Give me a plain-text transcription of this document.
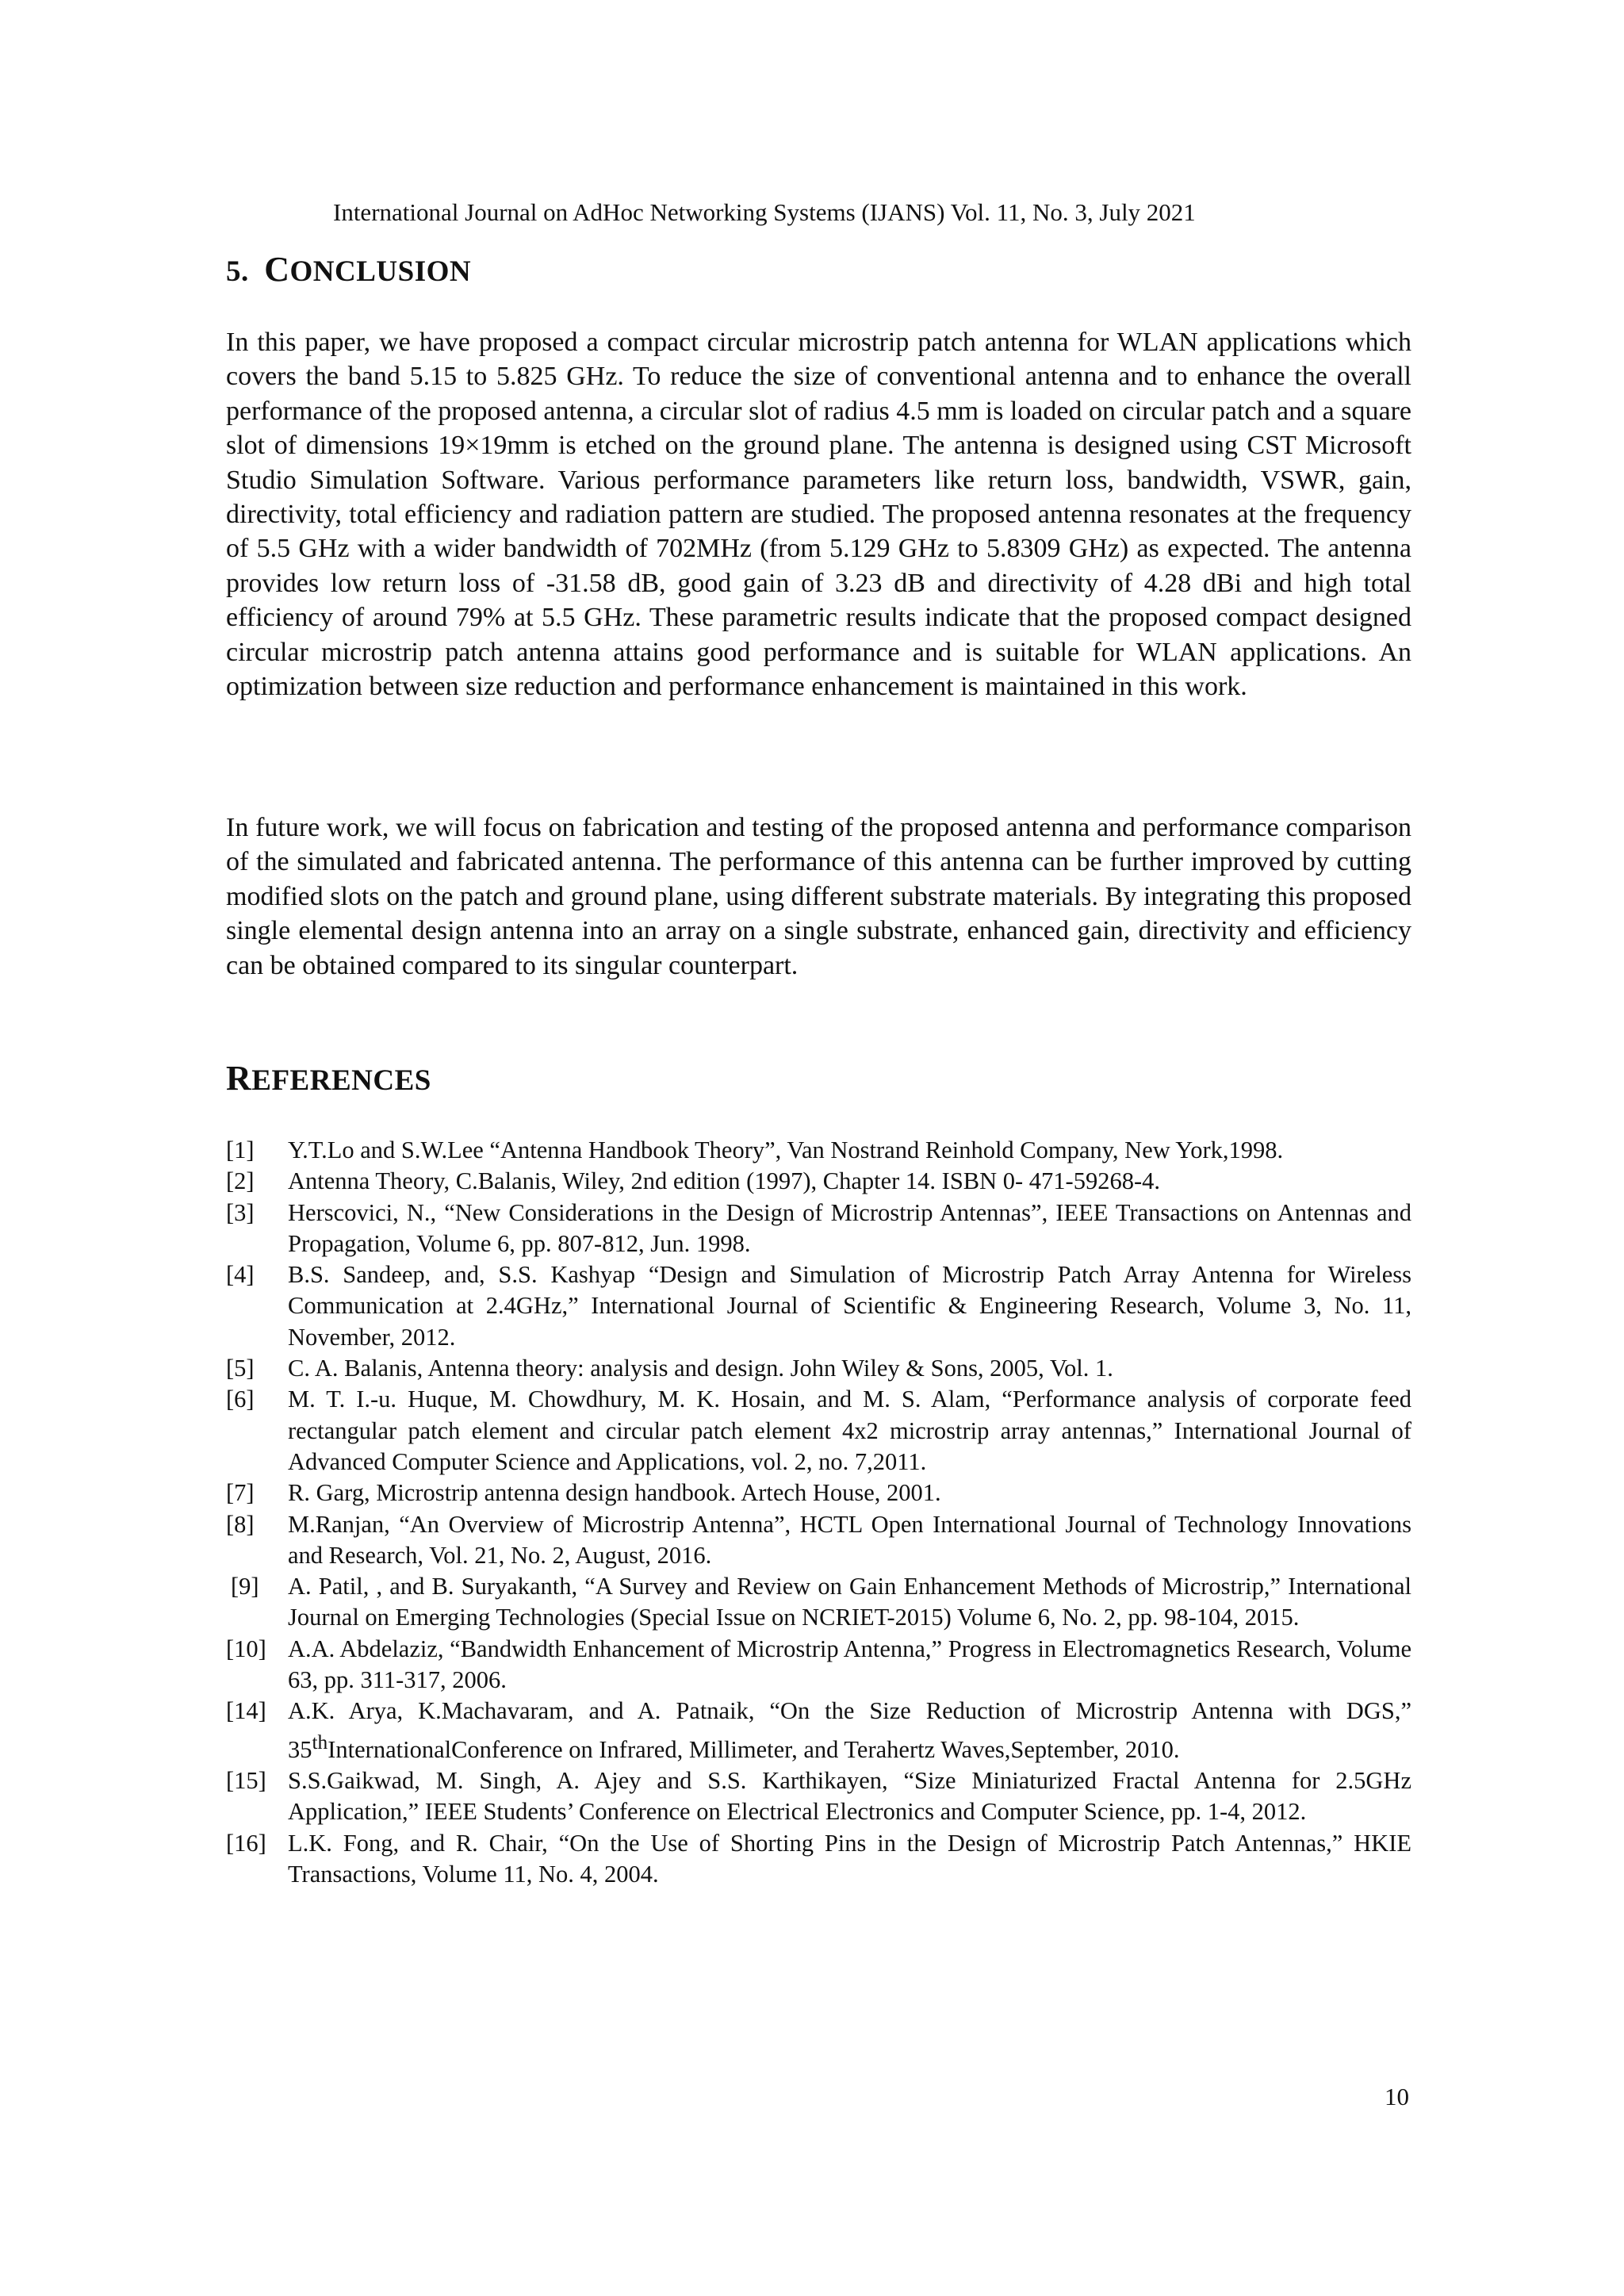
International Journal on AdHoc Networking Systems (IJANS) Vol. 11, No. 3, July 2021
5. CONCLUSION

In this paper, we have proposed a compact circular microstrip patch antenna for WLAN applications which covers the band 5.15 to 5.825 GHz. To reduce the size of conventional antenna and to enhance the overall performance of the proposed antenna, a circular slot of radius 4.5 mm is loaded on circular patch and a square slot of dimensions 19×19mm is etched on the ground plane. The antenna is designed using CST Microsoft Studio Simulation Software. Various performance parameters like return loss, bandwidth, VSWR, gain, directivity, total efficiency and radiation pattern are studied. The proposed antenna resonates at the frequency of 5.5 GHz with a wider bandwidth of 702MHz (from 5.129 GHz to 5.8309 GHz) as expected. The antenna provides low return loss of -31.58 dB, good gain of 3.23 dB and directivity of 4.28 dBi and high total efficiency of around 79% at 5.5 GHz. These parametric results indicate that the proposed compact designed circular microstrip patch antenna attains good performance and is suitable for WLAN applications. An optimization between size reduction and performance enhancement is maintained in this work.

In future work, we will focus on fabrication and testing of the proposed antenna and performance comparison of the simulated and fabricated antenna. The performance of this antenna can be further improved by cutting modified slots on the patch and ground plane, using different substrate materials. By integrating this proposed single elemental design antenna into an array on a single substrate, enhanced gain, directivity and efficiency can be obtained compared to its singular counterpart.

REFERENCES
[1] Y.T.Lo and S.W.Lee “Antenna Handbook Theory”, Van Nostrand Reinhold Company, New York,1998.
[2] Antenna Theory, C.Balanis, Wiley, 2nd edition (1997), Chapter 14. ISBN 0- 471-59268-4.
[3] Herscovici, N., “New Considerations in the Design of Microstrip Antennas”, IEEE Transactions on Antennas and Propagation, Volume 6, pp. 807-812, Jun. 1998.
[4] B.S. Sandeep, and, S.S. Kashyap “Design and Simulation of Microstrip Patch Array Antenna for Wireless Communication at 2.4GHz,” International Journal of Scientific & Engineering Research, Volume 3, No. 11, November, 2012.
[5] C. A. Balanis, Antenna theory: analysis and design. John Wiley & Sons, 2005, Vol. 1.
[6] M. T. I.-u. Huque, M. Chowdhury, M. K. Hosain, and M. S. Alam, “Performance analysis of corporate feed rectangular patch element and circular patch element 4x2 microstrip array antennas,” International Journal of Advanced Computer Science and Applications, vol. 2, no. 7,2011.
[7] R. Garg, Microstrip antenna design handbook. Artech House, 2001.
[8] M.Ranjan, “An Overview of Microstrip Antenna”, HCTL Open International Journal of Technology Innovations and Research, Vol. 21, No. 2, August, 2016.
[9] A. Patil, , and B. Suryakanth, “A Survey and Review on Gain Enhancement Methods of Microstrip,” International Journal on Emerging Technologies (Special Issue on NCRIET-2015) Volume 6, No. 2, pp. 98-104, 2015.
[10] A.A. Abdelaziz, “Bandwidth Enhancement of Microstrip Antenna,” Progress in Electromagnetics Research, Volume 63, pp. 311-317, 2006.
[14] A.K. Arya, K.Machavaram, and A. Patnaik, “On the Size Reduction of Microstrip Antenna with DGS,” 35thInternationalConference on Infrared, Millimeter, and Terahertz Waves,September, 2010.
[15] S.S.Gaikwad, M. Singh, A. Ajey and S.S. Karthikayen, “Size Miniaturized Fractal Antenna for 2.5GHz Application,” IEEE Students’ Conference on Electrical Electronics and Computer Science, pp. 1-4, 2012.
[16] L.K. Fong, and R. Chair, “On the Use of Shorting Pins in the Design of Microstrip Patch Antennas,” HKIE Transactions, Volume 11, No. 4, 2004.
10
